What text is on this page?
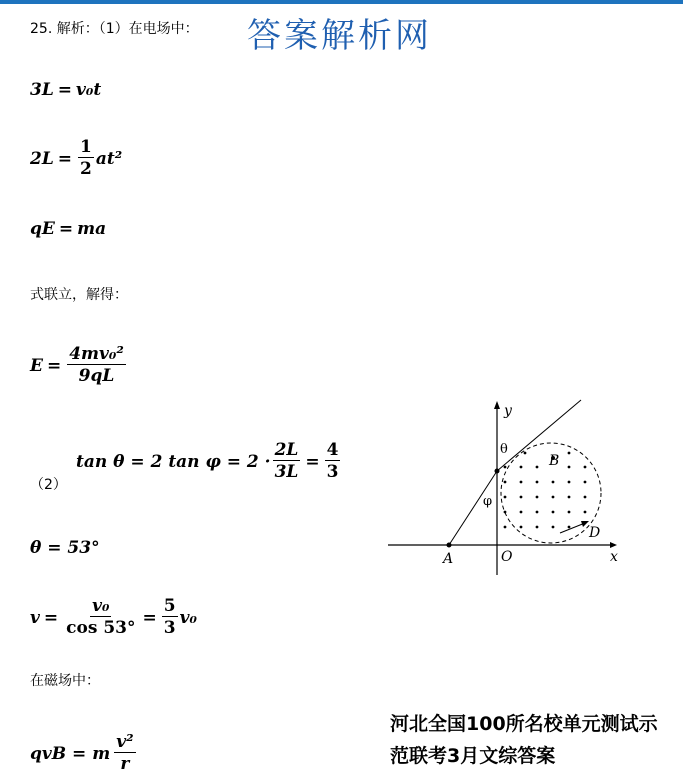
25. 解析：（1）在电场中： 答案解析网
3L = v₀t
$2L = \frac{1}{2} at^2$
qE = ma
式联立，解得：
$E = \frac{\text{4mv₀²}}{9qL}$
（2）
tan θ = 2 $\tan \varphi = 2 \cdot \frac{2L}{3L} = \frac{4}{3}$
θ = 53°
$v = \frac{\text{v₀}}{\cos 53^\circ} = \frac{5}{3} v_0$
在磁场中：
qvB = m $\frac{\text{v²}}{r}$
y
x
O
A
B
D
θ
φ
河北全国100所名校单元测试示
范联考3月文综答案
